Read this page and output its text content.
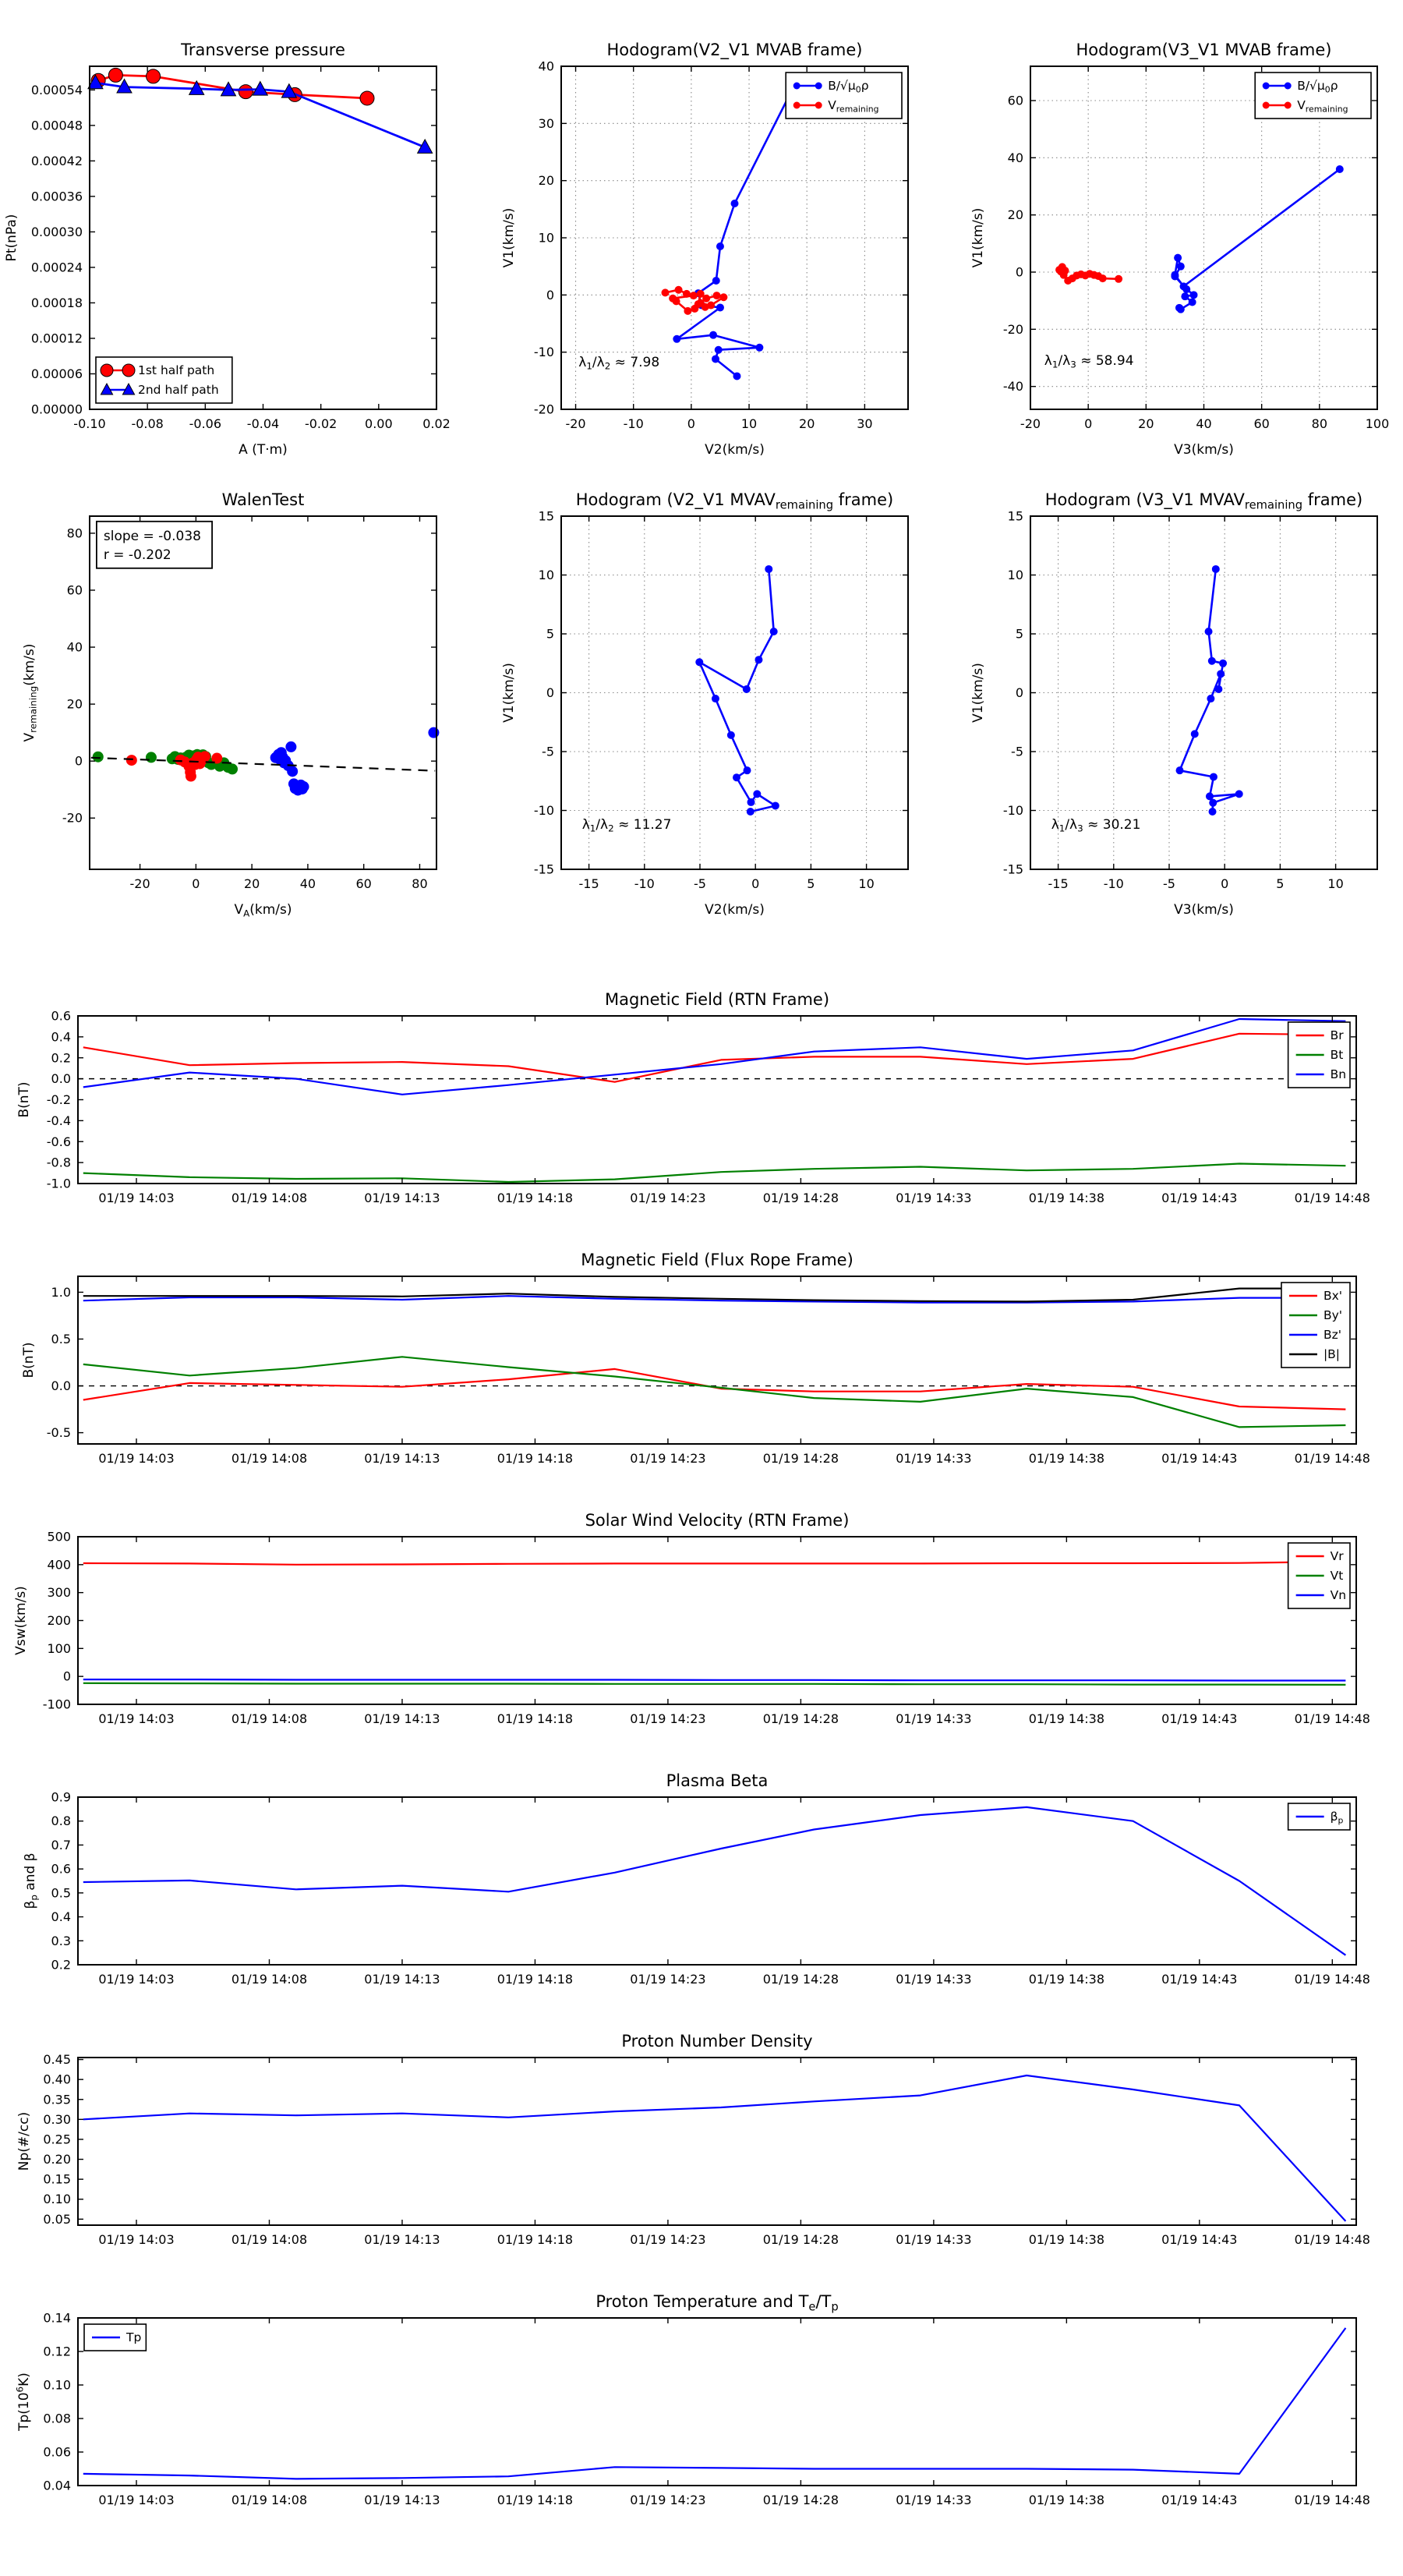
-0.10 -0.08 -0.06 -0.04 -0.02 0.00 0.02
0.00000
0.00006
0.00012
0.00018
0.00024
0.00030
0.00036
0.00042
0.00048
0.00054
Transverse pressure
A (T·m)
Pt(nPa)
1st half path
2nd half path
-20	-10	0	10	20	30
-20
-10
0
10
20
30
40
Hodogram(V2_V1 MVAB frame)
V2(km/s)
V1(km/s)
$\lambda_1/\lambda_2 \approx 7.98$
$B/√\mu_0\rho$
$V_{remaining}$
-20	0	20	40	60	80	100
-40
-20
0
20
40
60
Hodogram(V3_V1 MVAB frame)
V3(km/s)
V1(km/s)
$\lambda_1/\lambda_3 \approx 58.94$
$B/√\mu_0\rho$
$V_{remaining}$
-20	0	20	40	60	80
-20
0
20
40
60
80
WalenTest
$V_A(km/s)$
$V_{remaining}(km/s)$
slope = -0.038
r = -0.202
-15	-10	-5	0	5	10
-15
-10
-5
0
5
10
15
Hodogram (V2_V1 $MVAV_{remaining}$ frame)
V2(km/s)
V1(km/s)
$\lambda_1/\lambda_2 \approx 11.27$
-15	-10	-5	0	5	10
-15
-10
-5
0
5
10
15
Hodogram (V3_V1 $MVAV_{remaining}$ frame)
V3(km/s)
V1(km/s)
$\lambda_1/\lambda_3 \approx 30.21$
01/19 14:03	01/19 14:08	01/19 14:13	01/19 14:18	01/19 14:23	01/19 14:28	01/19 14:33	01/19 14:38	01/19 14:43	01/19 14:48
-1.0
-0.8
-0.6
-0.4
-0.2
0.0
0.2
0.4
0.6
Magnetic Field (RTN Frame)
B(nT)
Br
Bt
Bn
01/19 14:03	01/19 14:08	01/19 14:13	01/19 14:18	01/19 14:23	01/19 14:28	01/19 14:33	01/19 14:38	01/19 14:43	01/19 14:48
-0.5
0.0
0.5
1.0
Magnetic Field (Flux Rope Frame)
B(nT)
Bx'
By'
Bz'
|B|
01/19 14:03	01/19 14:08	01/19 14:13	01/19 14:18	01/19 14:23	01/19 14:28	01/19 14:33	01/19 14:38	01/19 14:43	01/19 14:48
-100
0
100
200
300
400
500
Solar Wind Velocity (RTN Frame)
Vsw(km/s)
Vr
Vt
Vn
01/19 14:03	01/19 14:08	01/19 14:13	01/19 14:18	01/19 14:23	01/19 14:28	01/19 14:33	01/19 14:38	01/19 14:43	01/19 14:48
0.2
0.3
0.4
0.5
0.6
0.7
0.8
0.9
Plasma Beta
$\beta_p$ and β
$\beta_p$
01/19 14:03	01/19 14:08	01/19 14:13	01/19 14:18	01/19 14:23	01/19 14:28	01/19 14:33	01/19 14:38	01/19 14:43	01/19 14:48
0.05
0.10
0.15
0.20
0.25
0.30
0.35
0.40
0.45
Proton Number Density
Np(#/cc)
01/19 14:03	01/19 14:08	01/19 14:13	01/19 14:18	01/19 14:23	01/19 14:28	01/19 14:33	01/19 14:38	01/19 14:43	01/19 14:48
0.04
0.06
0.08
0.10
0.12
0.14
Proton Temperature and $T_e/T_p$
$Tp(10^6K)$
Tp
